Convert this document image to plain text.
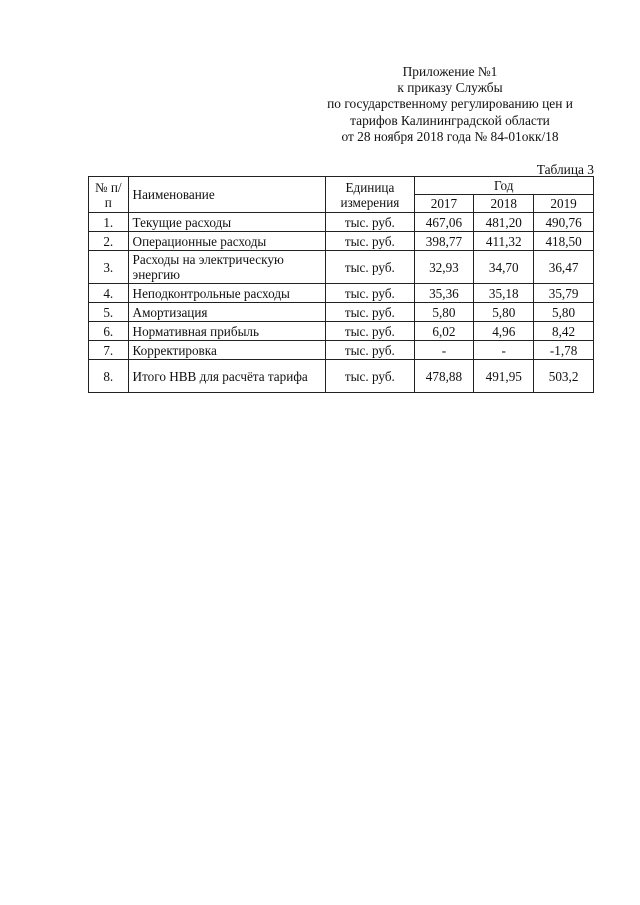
Приложение №1
к приказу Службы
по государственному регулированию цен и
тарифов Калининградской области
от 28 ноября 2018 года № 84-01окк/18
Таблица 3
№ п/п	Наименование	Единица измерения	Год		
			2017	2018	2019
1.	Текущие расходы	тыс. руб.	467,06	481,20	490,76
2.	Операционные расходы	тыс. руб.	398,77	411,32	418,50
3.	Расходы на электрическую энергию	тыс. руб.	32,93	34,70	36,47
4.	Неподконтрольные расходы	тыс. руб.	35,36	35,18	35,79
5.	Амортизация	тыс. руб.	5,80	5,80	5,80
6.	Нормативная прибыль	тыс. руб.	6,02	4,96	8,42
7.	Корректировка	тыс. руб.	-	-	-1,78
8.	Итого НВВ для расчёта тарифа	тыс. руб.	478,88	491,95	503,2
